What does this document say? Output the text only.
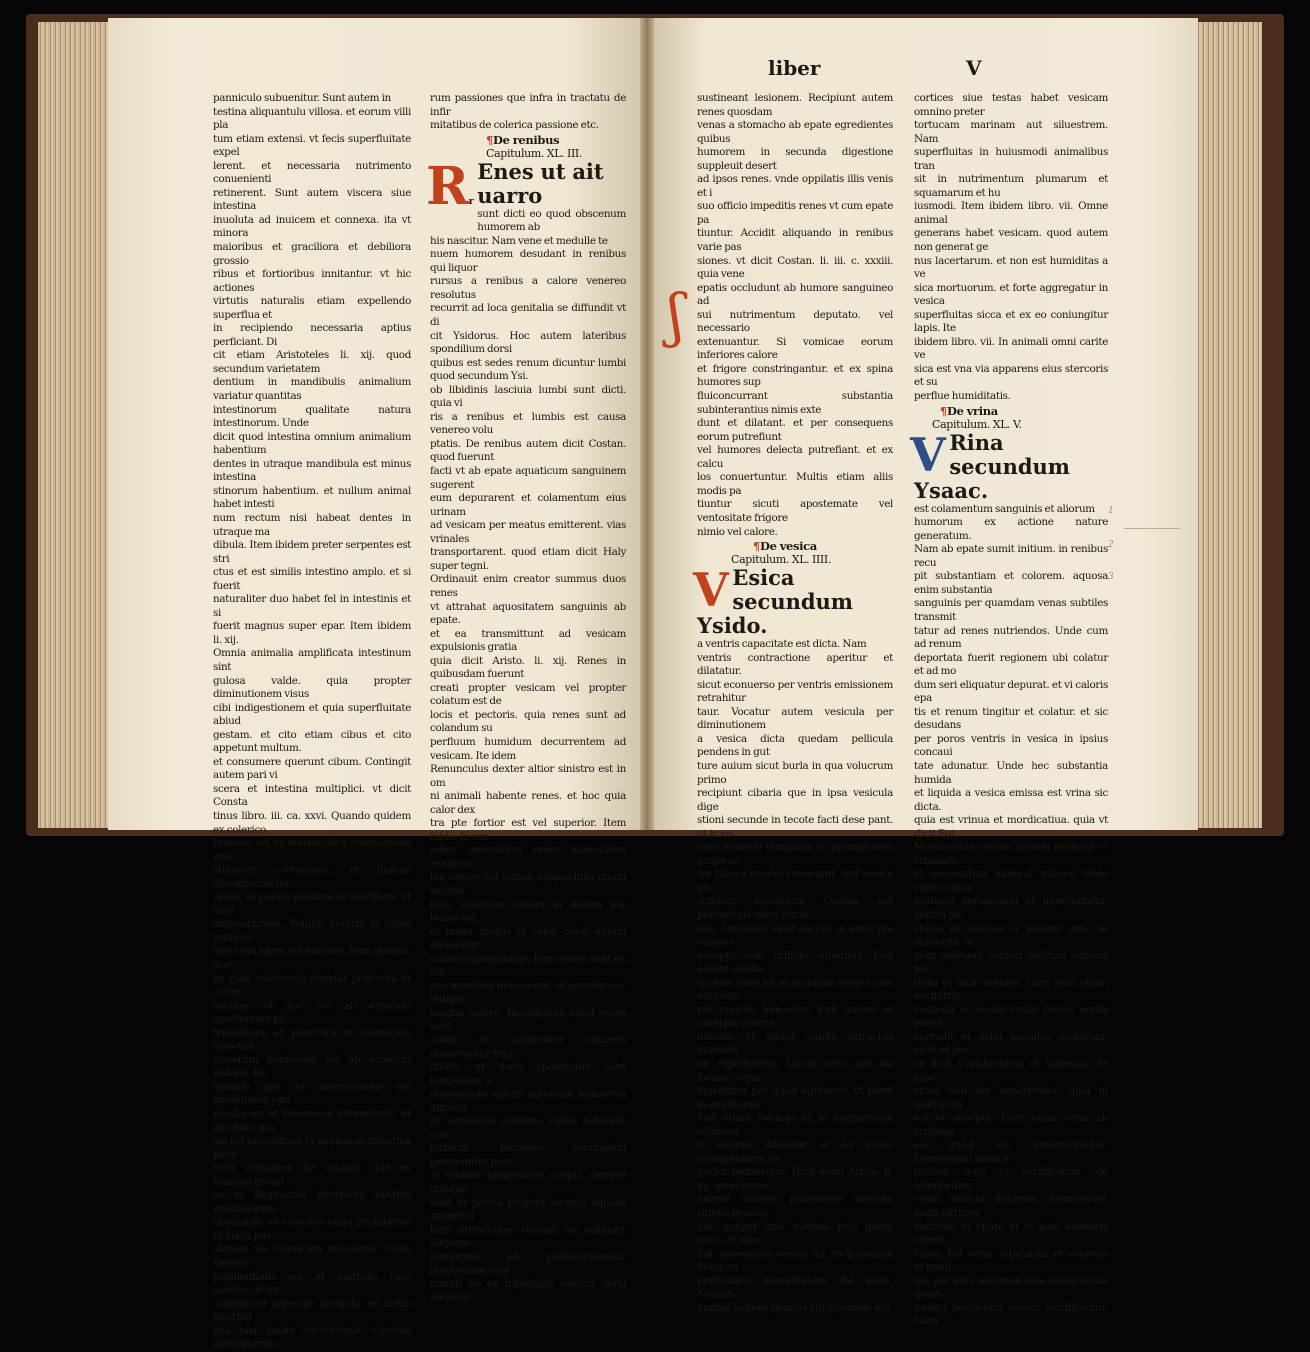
liber	V

panniculo subuenitur. Sunt autem in

testina aliquantulu villosa. et eorum villi pla

tum etiam extensi. vt fecis superfluitate expel

lerent. et necessaria nutrimento conuenienti

retinerent. Sunt autem viscera siue intestina

inuoluta ad inuicem et connexa. ita vt minora

maioribus et graciliora et debiliora grossio

ribus et fortioribus innitantur. vt hic actiones

virtutis naturalis etiam expellendo superflua et

in recipiendo necessaria aptius perficiant. Di

cit etiam Aristoteles li. xij. quod secundum varietatem

dentium in mandibulis animalium variatur quantitas

intestinorum qualitate natura intestinorum. Unde

dicit quod intestina omnium animalium habentium

dentes in utraque mandibula est minus intestina

stinorum habentium. et nullum animal habet intesti

num rectum nisi habeat dentes in utraque ma

dibula. Item ibidem preter serpentes est stri

ctus et est similis intestino amplo. et si fuerit

naturaliter duo habet fel in intestinis et si

fuerit magnus super epar. Item ibidem li. xij.

Omnia animalia amplificata intestinum sint

gulosa valde. quia propter diminutionem visus

cibi indigestionem et quia superfluitate abiud

gestam. et cito etiam cibus et cito appetunt multum.

et consumere querunt cibum. Contingit autem pari vi

scera et intestina multiplici. vt dicit Consta

tinus libro. iii. ca. xxvi. Quando quidem ex colerico

humore vel ex melancolico substantiam inte

stinorum corrodente. et fluxum dissenteriae du

cente. et passio pessima et mortifera. vt dicit

amphorismus. Solutio ventris in cuius initio co

lera cum nigra est mortale. Item quando que

ex ipsis visceribus interior punctura et vulne

ratione. et hoc vel ab exteriori apostemate pu

trefactione et punctura in panniculis ipsorum

viscerum inducente vel ab exteriori lesione. Ite

quando que ex interclusione vel inuolutione pan

niculorum et neruorum extendente. et ille dolor gra

uis est interantum vt aliquando intestina pene

trari videantur. Ite quando que ex humore grossi

so et flegmatico inferiores meatus intestinorum

obturante. et stercora extra prohibente et iliaca pas

sionem vel colericam inducente. Unde morbus

pestilentialis est et mortalis raro sanatur. et su

scipiens et sepe die secundo vel tertio interfici

ens nisi celeri succurratur. Ceteras intestinorum

rum passiones que infra in tractatu de infir

mitatibus de colerica passione etc.

¶De renibus
Capitulum. XL. III.
Rr
Enes ut ait uarro

sunt dicti eo quod obscenum humorem ab

his nascitur. Nam vene et medulle te

nuem humorem desudant in renibus qui liquor

rursus a renibus a calore venereo resolutus

recurrit ad loca genitalia se diffundit vt di

cit Ysidorus. Hoc autem lateribus spondilium dorsi

quibus est sedes renum dicuntur lumbi quod secundum Ysi.

ob libidinis lasciuia lumbi sunt dicti. quia vi

ris a renibus et lumbis est causa venereo volu

ptatis. De renibus autem dicit Costan. quod fuerunt

facti vt ab epate aquaticum sanguinem sugerent

eum depurarent et colamentum eius urinam

ad vesicam per meatus emitterent. vias vrinales

transportarent. quod etiam dicit Haly super tegni.

Ordinauit enim creator summus duos renes

vt attrahat aquositatem sanguinis ab epate.

et ea transmittunt ad vesicam expulsionis gratia

quia dicit Aristo. li. xij. Renes in quibusdam fuerunt

creati propter vesicam vel propter colatum est de

locis et pectoris. quia renes sunt ad colandum su

perfluum humidum decurrentem ad vesicam. Ite idem

Renunculus dexter altior sinistro est in om

ni animali habente renes. et hoc quia calor dex

tra pte fortior est vel superior. Item ibide. In om

nibus animalibus renes habentibus renuncu

lus dexter est minus pinguedinis quam sinister

talis. quoniam natura in dextra pte leuior est

et maior motus et calor. calor autem dissolutur

columni pinguedine. Item renes sunt de vlti

mis membris interiorum. et propter hoc indiget

magno calore. Recolligitur quod renes sunt

calidi et naturaliter calorem conseruatur frigi

ditate. et dorsi spondilium sunt tempatum. a

concauitate epatis aquosum humorem attrahu

nt. sanguinis colatum. virtus naturalis con

fortatur. humores seminalem generantur. poro

si rotundi pinguedine coopti. carnosi quoque

sunt et porosi propter facilius aquose superflui

tatis attractione. rotundi ne colligant aliquam

humorem ad putrefactionem. pinguedine sunt

muniti ne ex frigiditate ossium dorsi aliquam

sustineant lesionem. Recipiunt autem renes quosdam

venas a stomacho ab epate egredientes quibus

humorem in secunda digestione suppleuit desert

ad ipsos renes. vnde oppilatis illis venis et i

suo officio impeditis renes vt cum epate pa

tiuntur. Accidit aliquando in renibus varie pas

siones. vt dicit Costan. li. iii. c. xxxiii. quia vene

epatis occludunt ab humore sanguineo ad

sui nutrimentum deputato. vel necessario

extenuantur. Si vomicae eorum inferiores calore

et frigore constringantur. et ex spina humores sup

fluiconcurrant substantia subinterantius nimis exte

dunt et dilatant. et per consequens eorum putrefiunt

vel humores delecta putrefiant. et ex calcu

los conuertuntur. Multis etiam aliis modis pa

tiuntur sicuti apostemate vel ventositate frigore

nimio vel calore.

¶De vesica
Capitulum. XL. IIII.
V Esica secundum Ysido.

a ventris capacitate est dicta. Nam

ventris contractione aperitur et dilatatur.

sicut econuerso per ventris emissionem retrahitur

taur. Vocatur autem vesicula per diminutionem

a vesica dicta quedam pellicula pendens in gut

ture auium sicut burla in qua volucrum primo

recipiunt cibaria que in ipsa vesicula dige

stioni secunde in tecote facti dese pant. et in eo

dem folliculo tamquam in promptuario prope co

tra futura esuriei reseruant. sed vesica pro

sumitur secundum Costan. est panniculus duris rotun

dus. concauus sicut saccus in omni pte clausus

excepto solo orificio superiori. Fuit autem substa

tia eius dura ne ac acumine vrine cuius est recte

pte cunctis lederetur. Fuit autem et omni pte clausa

inferius vt liquor subito attractus inuoluta

ne expelleretur. Unum vero sub illa forame vrina

ingreditur per quod egreditur. vt patet in anathomia

Fuit etiam rotunda vt in augmentum colamen

ti sanguis dilatetur. et ad ipsius susceptionem ca

pacior redderetur. Dicit enim Aristo. li. xij. quod omne

animal habens pulmonem multum sitiens propter

hoc indiget cibo humido plus quam sicco. et ideo

fuit necessaria vesica ad recipiendum huius su

perfluitatis humiditatem. Ite ibide. Nullum

animal habens plumas aut squamas aut

cortices siue testas habet vesicam omnino preter

tortucam marinam aut siluestrem. Nam

superfluitas in huiusmodi animalibus tran

sit in nutrimentum plumarum et squamarum et hu

iusmodi. Item ibidem libro. vii. Omne animal

generans habet vesicam. quod autem non generat ge

nus lacertarum. et non est humiditas a ve

sica mortuorum. et forte aggregatur in vesica

superfluitas sicca et ex eo coniungitur lapis. Ite

ibidem libro. vii. In animali omni carite ve

sica est vna via apparens eius stercoris et su

perflue humiditatis.

¶De vrina
Capitulum. XL. V.
V Rina secundum Ysaac.

est colamentum sanguinis et aliorum

humorum ex actione nature generatum.

Nam ab epate sumit initium. in renibus recu

pit substantiam et colorem. aquosa enim substantia

sanguinis per quamdam venas subtiles transmit

tatur ad renes nutriendos. Unde cum ad renum

deportata fuerit regionem ubi colatur et ad mo

dum seri eliquatur depurat. et vi caloris epa

tis et renum tingitur et colatur. et sic desudans

per poros ventris in vesica in ipsius concaui

tate adunatur. Unde hec substantia humida

et liquida a vesica emissa est vrina sic dicta.

quia est vrinua et mordicatiua. quia vt dicit Egi.

Mordicatiua virtute vrinam desiccat vt vrinando

et desiccatiua haberat natura. vnde valet contra

scabiem serpiginem et impetiginem. contra pu

stulas et vesicas si patient inde se abluerint. in

potu splenem confert multum vulnera pu

trida et loca saniosa. Cum felle etiam accipitris

collirata et oculis caute liniuis multa panni

corrodit et delet maculas oculorum. sicut et pse

se dicit Constantinus et Galienus. Et ideo

vrina non est abhorrenda. quia in multis vtil

est et accepta. Dicit enim vrina ab vtrisque

eo quod est demonstratiua. Demonstrat enim in

teriora. quia vt certificemur de interioribus

vrine iudicio ducimur. Demonstrat enim virtutes

naturale in epate et in aliis membris inferio

ribus. Est vrina substantia et colorem et mani

me per eius secumen siue subsistentia quam

medici postasium vocant certificamur. Nam

ʃ
1
2
3
